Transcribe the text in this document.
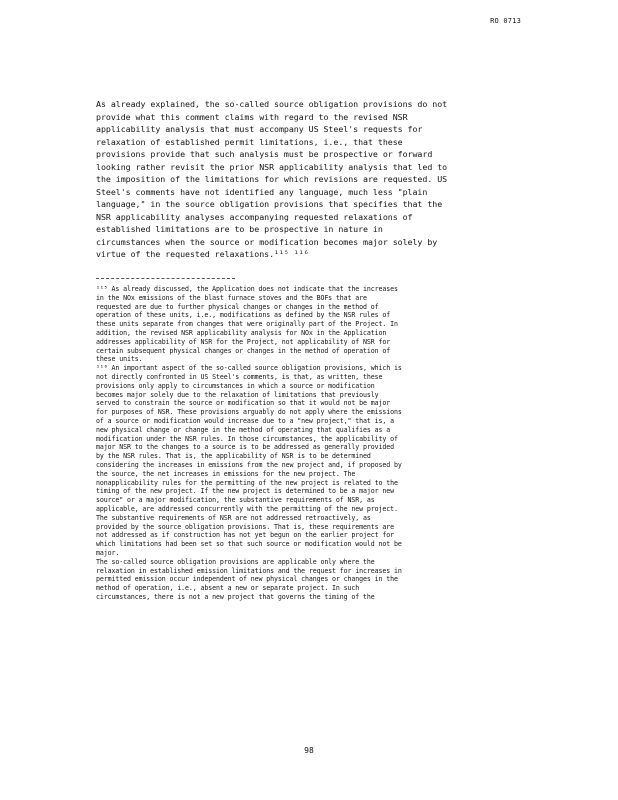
RO 0713
As already explained, the so-called source obligation provisions do not
provide what this comment claims with regard to the revised NSR
applicability analysis that must accompany US Steel's requests for
relaxation of established permit limitations, i.e., that these
provisions provide that such analysis must be prospective or forward
looking rather revisit the prior NSR applicability analysis that led to
the imposition of the limitations for which revisions are requested. US
Steel's comments have not identified any language, much less "plain
language," in the source obligation provisions that specifies that the
NSR applicability analyses accompanying requested relaxations of
established limitations are to be prospective in nature in
circumstances when the source or modification becomes major solely by
virtue of the requested relaxations.¹¹⁵ ¹¹⁶
¹¹⁵ As already discussed, the Application does not indicate that the increases
in the NOx emissions of the blast furnace stoves and the BOFs that are
requested are due to further physical changes or changes in the method of
operation of these units, i.e., modifications as defined by the NSR rules of
these units separate from changes that were originally part of the Project. In
addition, the revised NSR applicability analysis for NOx in the Application
addresses applicability of NSR for the Project, not applicability of NSR for
certain subsequent physical changes or changes in the method of operation of
these units.
¹¹⁶ An important aspect of the so-called source obligation provisions, which is
not directly confronted in US Steel's comments, is that, as written, these
provisions only apply to circumstances in which a source or modification
becomes major solely due to the relaxation of limitations that previously
served to constrain the source or modification so that it would not be major
for purposes of NSR. These provisions arguably do not apply where the emissions
of a source or modification would increase due to a "new project," that is, a
new physical change or change in the method of operating that qualifies as a
modification under the NSR rules. In those circumstances, the applicability of
major NSR to the changes to a source is to be addressed as generally provided
by the NSR rules. That is, the applicability of NSR is to be determined
considering the increases in emissions from the new project and, if proposed by
the source, the net increases in emissions for the new project. The
nonapplicability rules for the permitting of the new project is related to the
timing of the new project. If the new project is determined to be a major new
source" or a major modification, the substantive requirements of NSR, as
applicable, are addressed concurrently with the permitting of the new project.
The substantive requirements of NSR are not addressed retroactively, as
provided by the source obligation provisions. That is, these requirements are
not addressed as if construction has not yet begun on the earlier project for
which limitations had been set so that such source or modification would not be
major.
The so-called source obligation provisions are applicable only where the
relaxation in established emission limitations and the request for increases in
permitted emission occur independent of new physical changes or changes in the
method of operation, i.e., absent a new or separate project. In such
circumstances, there is not a new project that governs the timing of the
98
